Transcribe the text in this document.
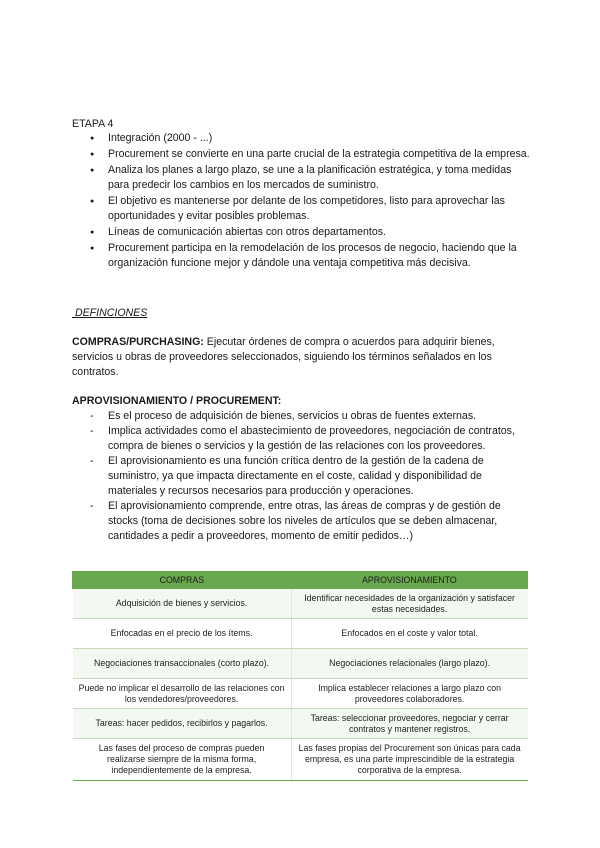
ETAPA 4
● Integración (2000 - ...)
● Procurement se convierte en una parte crucial de la estrategia competitiva de la empresa.
● Analiza los planes a largo plazo, se une a la planificación estratégica, y toma medidas para predecir los cambios en los mercados de suministro.
● El objetivo es mantenerse por delante de los competidores, listo para aprovechar las oportunidades y evitar posibles problemas.
● Líneas de comunicación abiertas con otros departamentos.
● Procurement participa en la remodelación de los procesos de negocio, haciendo que la organización funcione mejor y dándole una ventaja competitiva más decisiva.
DEFINCIONES
COMPRAS/PURCHASING: Ejecutar órdenes de compra o acuerdos para adquirir bienes, servicios u obras de proveedores seleccionados, siguiendo los términos señalados en los contratos.
APROVISIONAMIENTO / PROCUREMENT:
- Es el proceso de adquisición de bienes, servicios u obras de fuentes externas.
- Implica actividades como el abastecimiento de proveedores, negociación de contratos, compra de bienes o servicios y la gestión de las relaciones con los proveedores.
- El aprovisionamiento es una función crítica dentro de la gestión de la cadena de suministro, ya que impacta directamente en el coste, calidad y disponibilidad de materiales y recursos necesarios para producción y operaciones.
- El aprovisionamiento comprende, entre otras, las áreas de compras y de gestión de stocks (toma de decisiones sobre los niveles de artículos que se deben almacenar, cantidades a pedir a proveedores, momento de emitir pedidos…)
COMPRAS	APROVISIONAMIENTO
Adquisición de bienes y servicios.	Identificar necesidades de la organización y satisfacer estas necesidades.
Enfocadas en el precio de los ítems.	Enfocados en el coste y valor total.
Negociaciones transaccionales (corto plazo).	Negociaciones relacionales (largo plazo).
Puede no implicar el desarrollo de las relaciones con los vendedores/proveedores.	Implica establecer relaciones a largo plazo con proveedores colaboradores.
Tareas: hacer pedidos, recibirlos y pagarlos.	Tareas: seleccionar proveedores, negociar y cerrar contratos y mantener registros.
Las fases del proceso de compras pueden realizarse siempre de la misma forma, independientemente de la empresa.	Las fases propias del Procurement son únicas para cada empresa, es una parte imprescindible de la estrategia corporativa de la empresa.
